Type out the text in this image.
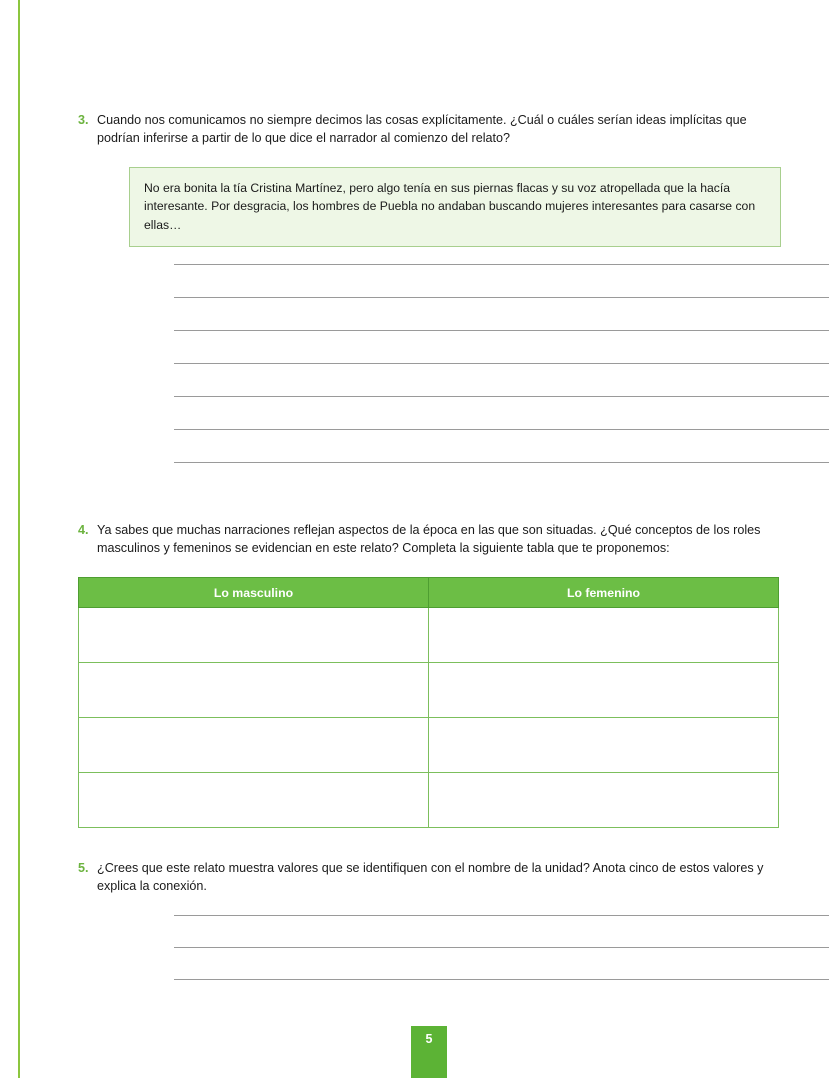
3. Cuando nos comunicamos no siempre decimos las cosas explícitamente. ¿Cuál o cuáles serían ideas implícitas que podrían inferirse a partir de lo que dice el narrador al comienzo del relato?
No era bonita la tía Cristina Martínez, pero algo tenía en sus piernas flacas y su voz atropellada que la hacía interesante. Por desgracia, los hombres de Puebla no andaban buscando mujeres interesantes para casarse con ellas…
4. Ya sabes que muchas narraciones reflejan aspectos de la época en las que son situadas. ¿Qué conceptos de los roles masculinos y femeninos se evidencian en este relato? Completa la siguiente tabla que te proponemos:
5. ¿Crees que este relato muestra valores que se identifiquen con el nombre de la unidad? Anota cinco de estos valores y explica la conexión.
Lo masculino	Lo femenino

5
